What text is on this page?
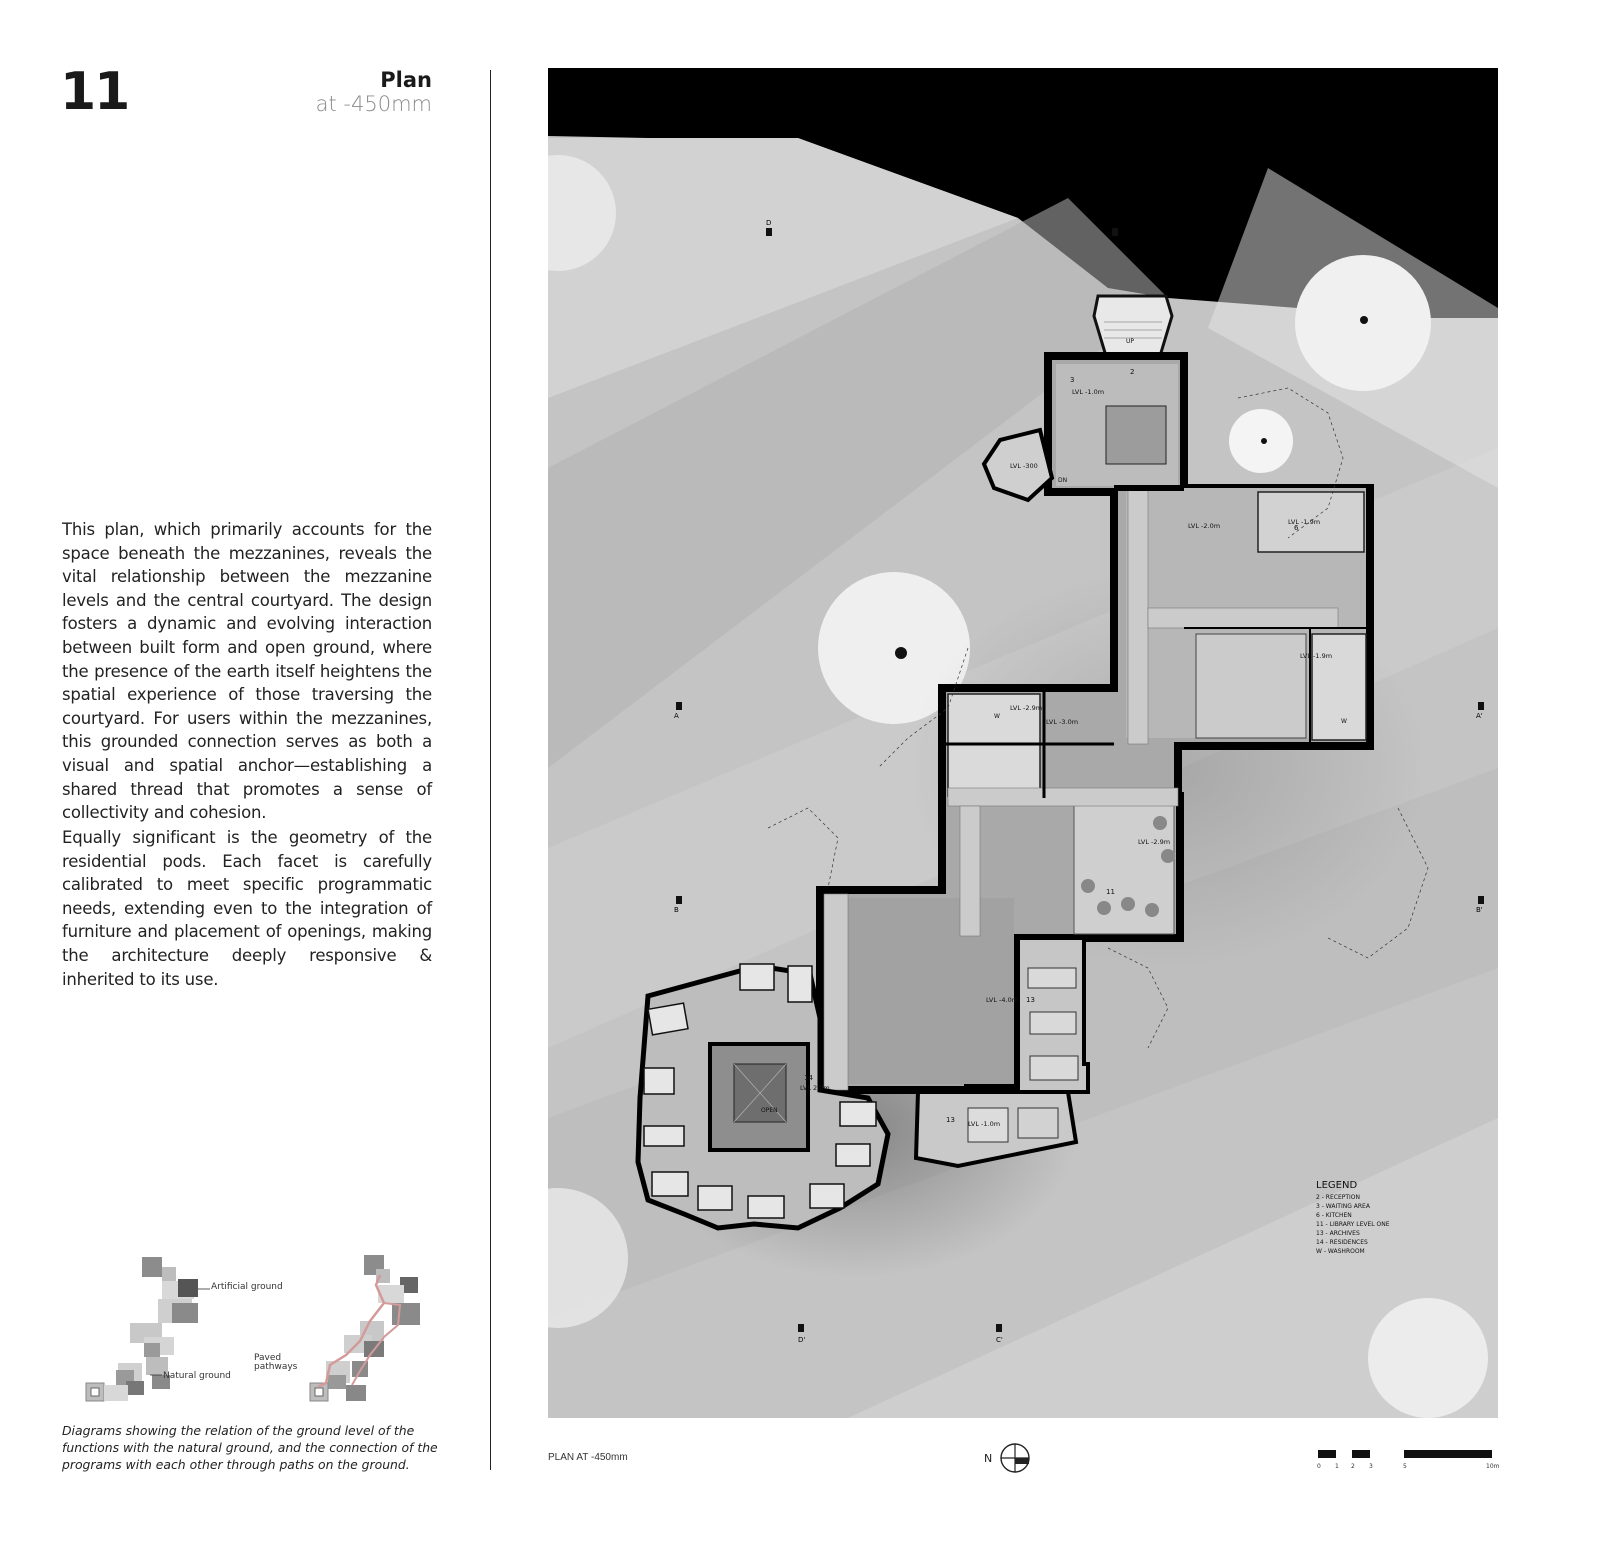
11	Plan
at -450mm
This plan, which primarily accounts for the space beneath the mezzanines, reveals the vital relationship between the mezzanine levels and the central courtyard. The design fosters a dynamic and evolving interaction between built form and open ground, where the presence of the earth itself heightens the spatial experience of those traversing the courtyard. For users within the mezzanines, this grounded connection serves as both a visual and spatial anchor—establishing a shared thread that promotes a sense of collectivity and cohesion.
Equally significant is the geometry of the residential pods. Each facet is carefully calibrated to meet specific programmatic needs, extending even to the integration of furniture and placement of openings, making the architecture deeply responsive & inherited to its use.
Artificial ground
Natural ground
Paved pathways
Diagrams showing the relation of the ground level of the functions with the natural ground, and the connection of the programs with each other through paths on the ground.
D	C
A	A'
B	B'
D'	C'
LVL -1.0m
LVL -300
LVL -2.0m	LVL -1.9m
LVL -1.9m
LVL -2.9m
LVL -3.0m
LVL -2.9m
LVL -4.0m
LVL 2.0m
LVL -1.0m
2
3
6
11
13
13
14
W
W
UP
DN
OPEN
LEGEND
2 - RECEPTION
3 - WAITING AREA
6 - KITCHEN
11 - LIBRARY LEVEL ONE
13 - ARCHIVES
14 - RESIDENCES
W - WASHROOM
PLAN AT -450mm	N
0 1 2 3	5	10m
